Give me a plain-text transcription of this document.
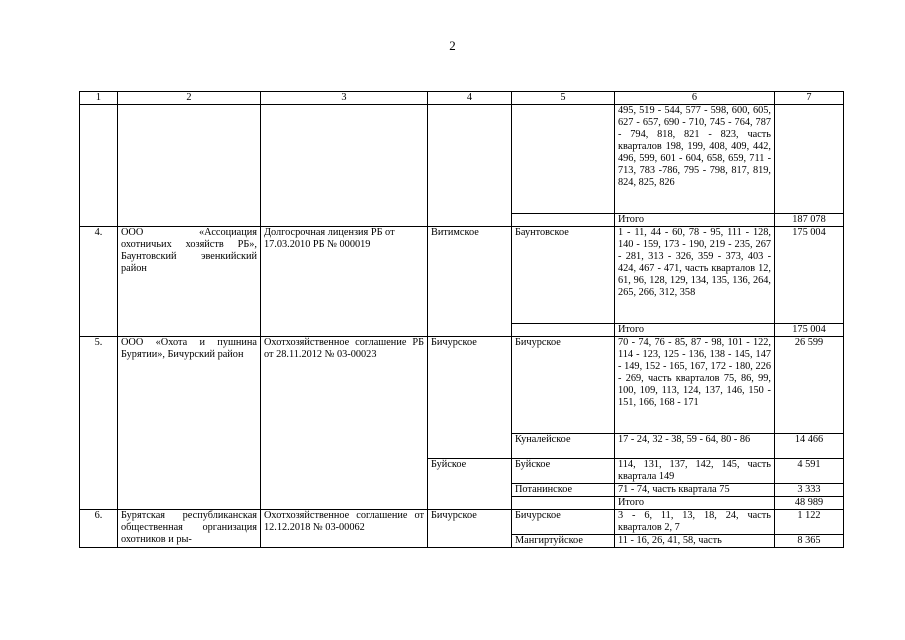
2
1	2	3	4	5	6	7
					495, 519 - 544, 577 - 598, 600, 605, 627 - 657, 690 - 710, 745 - 764, 787 - 794, 818, 821 - 823, часть кварталов 198, 199, 408, 409, 442, 496, 599, 601 - 604, 658, 659, 711 - 713, 783 -786, 795 - 798, 817, 819, 824, 825, 826	
					Итого	187 078
4.	ООО «Ассоциация охотничьих хозяйств РБ», Баунтовский эвенкийский район	Долгосрочная лицензия РБ от 17.03.2010 РБ № 000019	Витимское	Баунтовское	1 - 11, 44 - 60, 78 - 95, 111 - 128, 140 - 159, 173 - 190, 219 - 235, 267 - 281, 313 - 326, 359 - 373, 403 - 424, 467 - 471, часть кварталов 12, 61, 96, 128, 129, 134, 135, 136, 264, 265, 266, 312, 358	175 004
					Итого	175 004
5.	ООО «Охота и пушнина Бурятии», Бичурский район	Охотхозяйственное соглашение РБ от 28.11.2012 № 03-00023	Бичурское	Бичурское	70 - 74, 76 - 85, 87 - 98, 101 - 122, 114 - 123, 125 - 136, 138 - 145, 147 - 149, 152 - 165, 167, 172 - 180, 226 - 269, часть кварталов 75, 86, 99, 100, 109, 113, 124, 137, 146, 150 - 151, 166, 168 - 171	26 599
				Куналейское	17 - 24, 32 - 38, 59 - 64, 80 - 86	14 466
			Буйское	Буйское	114, 131, 137, 142, 145, часть квартала 149	4 591
				Потанинское	71 - 74, часть квартала 75	3 333
					Итого	48 989
6.	Бурятская республиканская общественная организация охотников и ры-	Охотхозяйственное соглашение от 12.12.2018 № 03-00062	Бичурское	Бичурское	3 - 6, 11, 13, 18, 24, часть кварталов 2, 7	1 122
				Мангиртуйское	11 - 16, 26, 41, 58, часть	8 365
